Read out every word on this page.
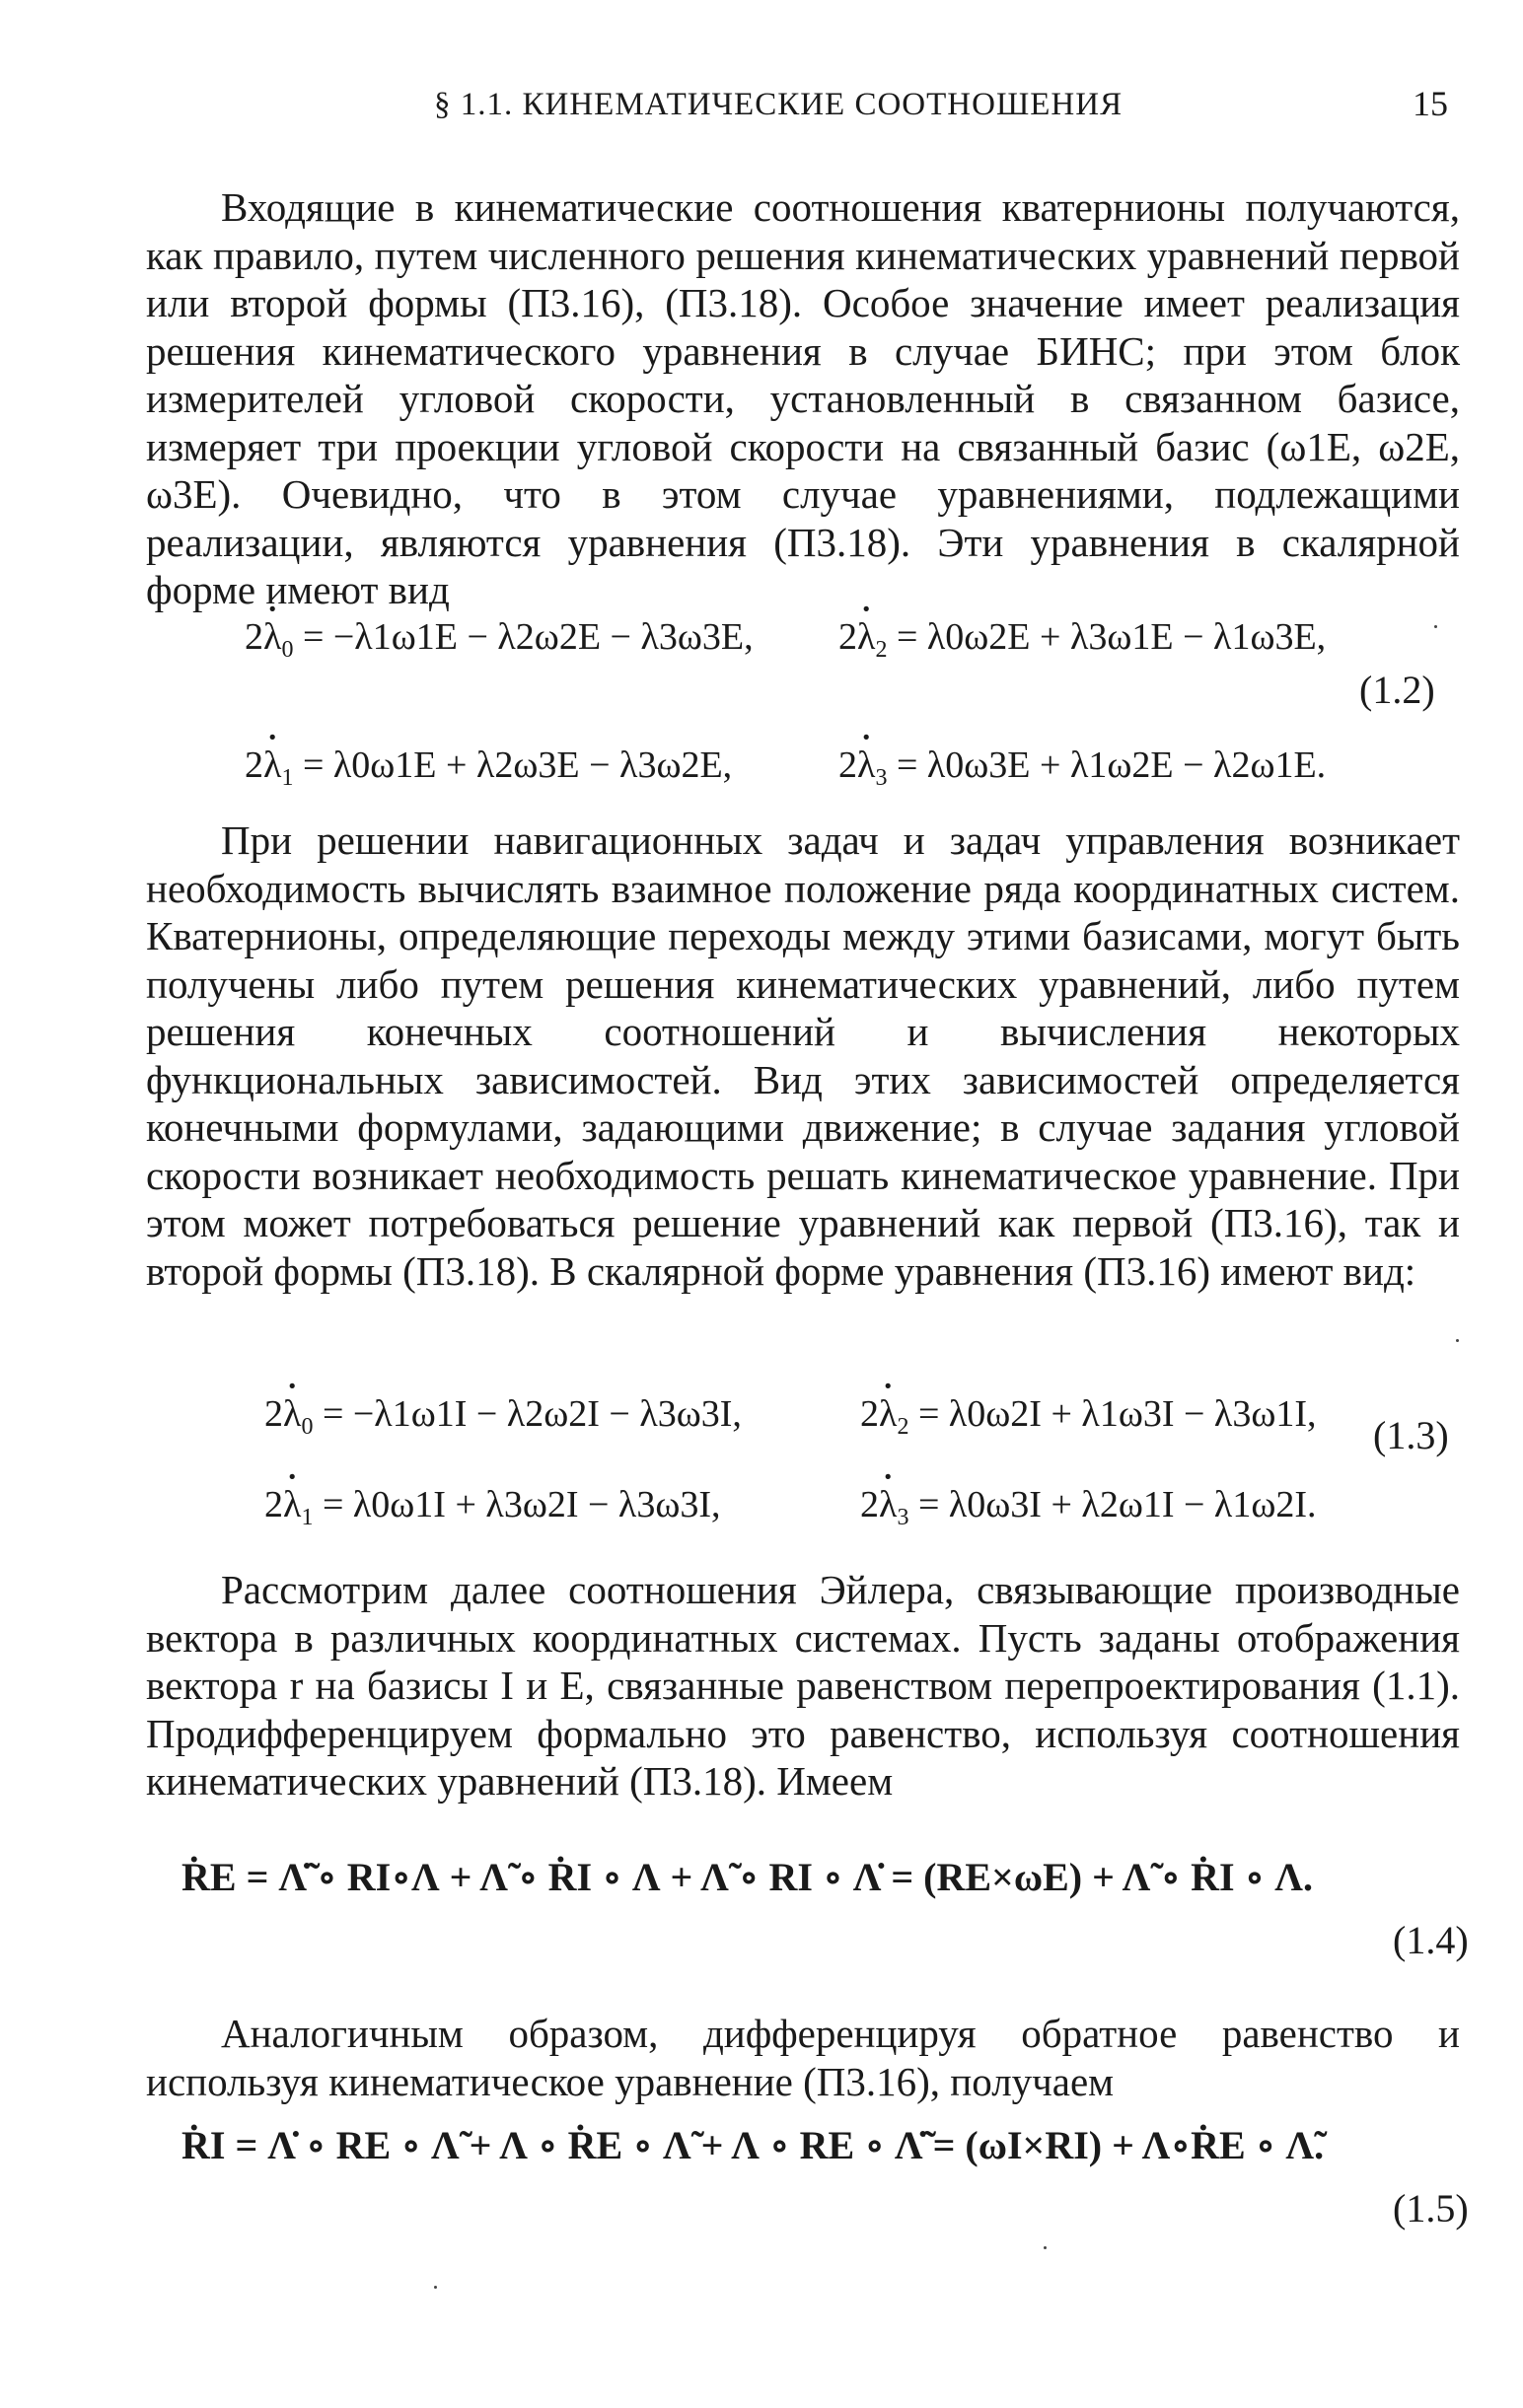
§ 1.1. КИНЕМАТИЧЕСКИЕ СООТНОШЕНИЯ	15

Входящие в кинематические соотношения кватернионы получаются, как правило, путем численного решения кинематических уравнений первой или второй формы (П3.16), (П3.18). Особое значение имеет реализация решения кинематического уравнения в случае БИНС; при этом блок измерителей угловой скорости, установленный в связанном базисе, измеряет три проекции угловой скорости на связанный базис (ω1E, ω2E, ω3E). Очевидно, что в этом случае уравнениями, подлежащими реализации, являются уравнения (П3.18). Эти уравнения в скалярной форме имеют вид

$2\cdot \lambda_0 = -\lambda 1\omega 1E - \lambda 2\omega 2E - \lambda 3\omega 3E$, $2\cdot \lambda_2 = \lambda 0\omega 2E + \lambda 3\omega 1E - \lambda 1\omega 3E$,
(1.2)
$2\cdot \lambda_1 = \lambda 0\omega 1E + \lambda 2\omega 3E - \lambda 3\omega 2E$,	$2\cdot \lambda_3 = \lambda 0\omega 3E + \lambda 1\omega 2E - \lambda 2\omega 1E$.

При решении навигационных задач и задач управления возникает необходимость вычислять взаимное положение ряда координатных систем. Кватернионы, определяющие переходы между этими базисами, могут быть получены либо путем решения кинематических уравнений, либо путем решения конечных соотношений и вычисления некоторых функциональных зависимостей. Вид этих зависимостей определяется конечными формулами, задающими движение; в случае задания угловой скорости возникает необходимость решать кинематическое уравнение. При этом может потребоваться решение уравнений как первой (П3.16), так и второй формы (П3.18). В скалярной форме уравнения (П3.16) имеют вид:

$2\cdot \lambda_0 = -\lambda 1\omega 1I - \lambda 2\omega 2I - \lambda 3\omega 3I$,	$2\cdot \lambda_2 = \lambda 0\omega 2I + \lambda 1\omega 3I - \lambda 3\omega 1I$, (1.3)
$2\cdot \lambda_1 = \lambda 0\omega 1I + \lambda 3\omega 2I - \lambda 3\omega 3I$,	$2\cdot \lambda_3 = \lambda 0\omega 3I + \lambda 2\omega 1I - \lambda 1\omega 2I$.

Рассмотрим далее соотношения Эйлера, связывающие производные вектора в различных координатных системах. Пусть заданы отображения вектора r на базисы I и E, связанные равенством перепроектирования (1.1). Продифференцируем формально это равенство, используя соотношения кинематических уравнений (П3.18). Имеем

ṘE = Λ̃̇ ∘ RI∘Λ + Λ̃ ∘ ṘI ∘ Λ + Λ̃ ∘ RI ∘ Λ̇ = (RE×ωE) + Λ̃ ∘ ṘI ∘ Λ.
(1.4)

Аналогичным образом, дифференцируя обратное равенство и используя кинематическое уравнение (П3.16), получаем

ṘI = Λ̇ ∘ RE ∘ Λ̃ + Λ ∘ ṘE ∘ Λ̃ + Λ ∘ RE ∘ Λ̃̇ = (ωI×RI) + Λ∘ṘE ∘ Λ̃.
(1.5)
